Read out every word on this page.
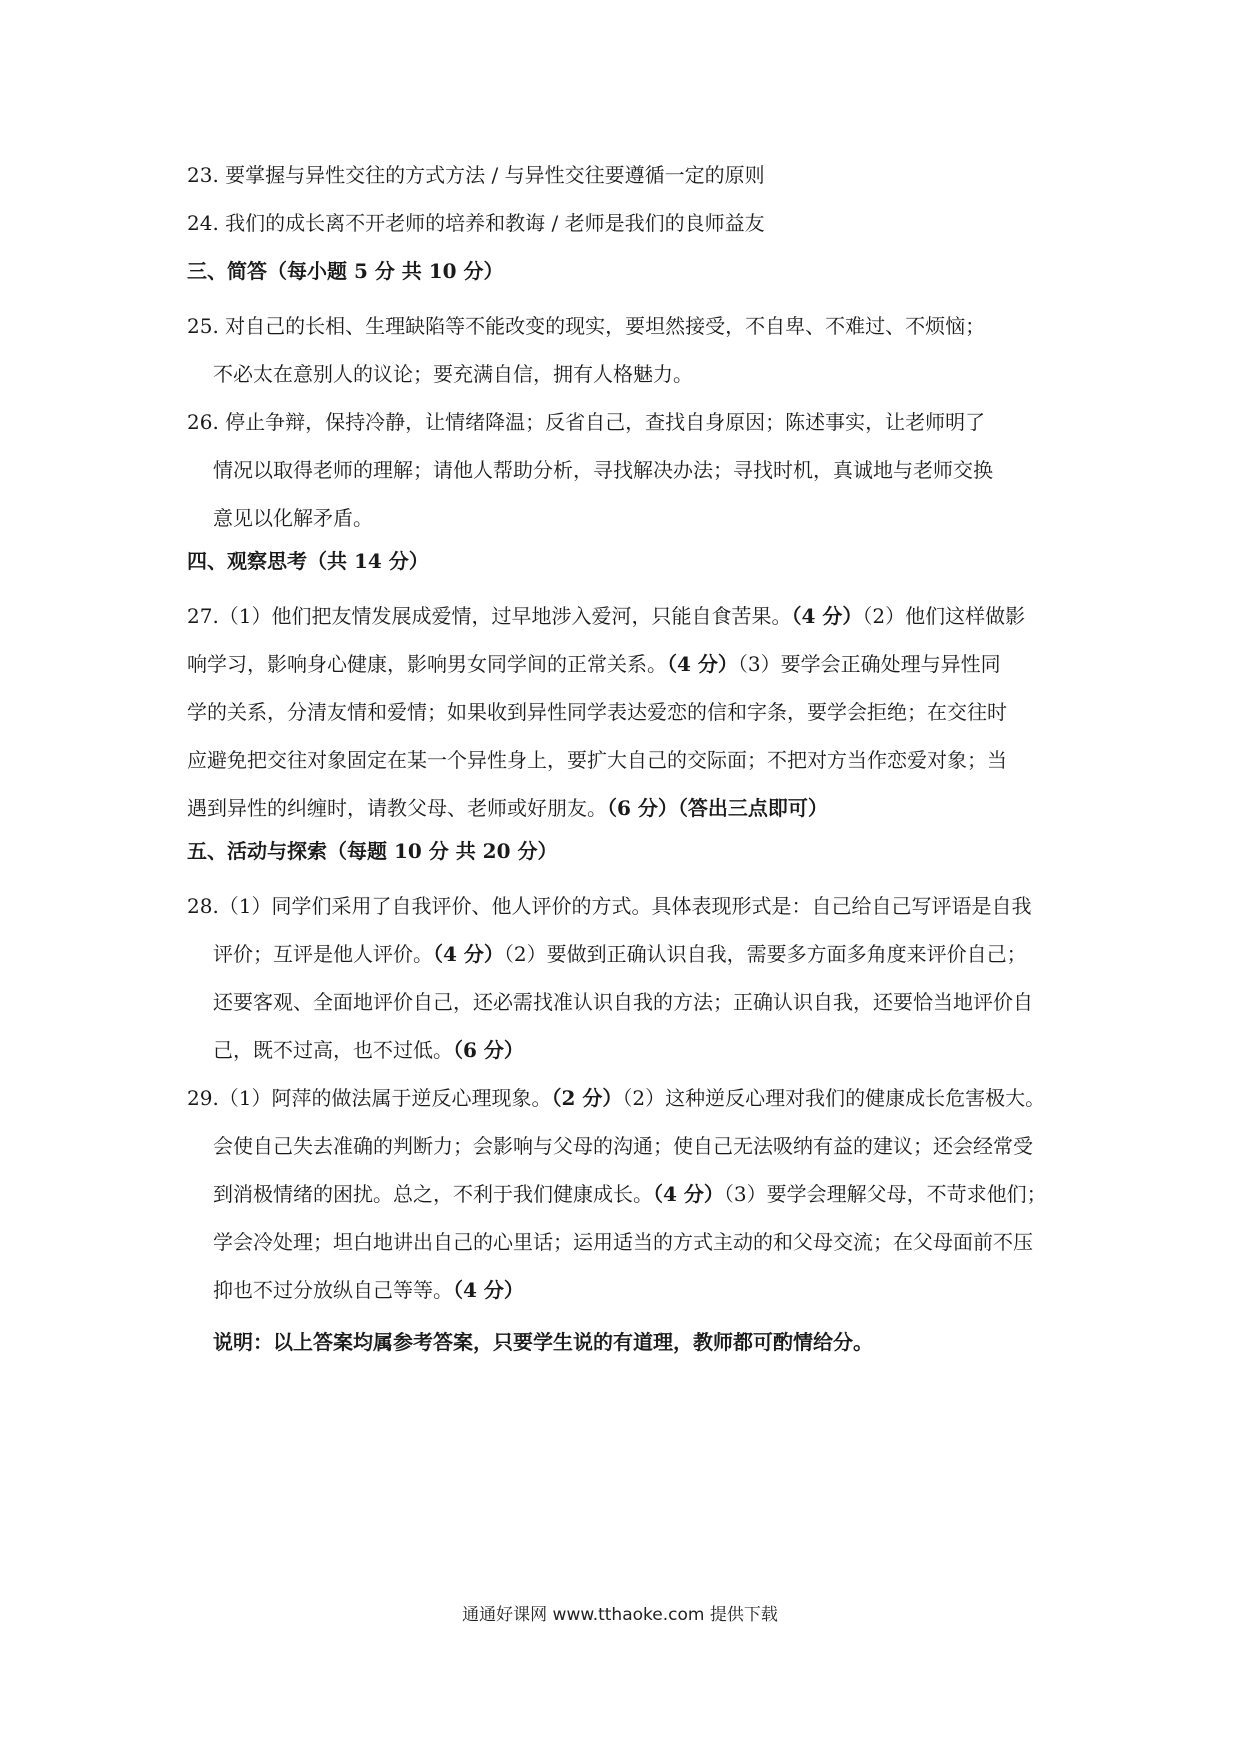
23. 要掌握与异性交往的方式方法 / 与异性交往要遵循一定的原则
24. 我们的成长离不开老师的培养和教诲 / 老师是我们的良师益友
三、简答（每小题 5 分 共 10 分）
25. 对自己的长相、生理缺陷等不能改变的现实，要坦然接受，不自卑、不难过、不烦恼；
不必太在意别人的议论；要充满自信，拥有人格魅力。
26. 停止争辩，保持冷静，让情绪降温；反省自己，查找自身原因；陈述事实，让老师明了
情况以取得老师的理解；请他人帮助分析，寻找解决办法；寻找时机，真诚地与老师交换
意见以化解矛盾。
四、观察思考（共 14 分）
27.（1）他们把友情发展成爱情，过早地涉入爱河，只能自食苦果。（4 分）（2）他们这样做影
响学习，影响身心健康，影响男女同学间的正常关系。（4 分）（3）要学会正确处理与异性同
学的关系，分清友情和爱情；如果收到异性同学表达爱恋的信和字条，要学会拒绝；在交往时
应避免把交往对象固定在某一个异性身上，要扩大自己的交际面；不把对方当作恋爱对象；当
遇到异性的纠缠时，请教父母、老师或好朋友。（6 分）（答出三点即可）
五、活动与探索（每题 10 分 共 20 分）
28.（1）同学们采用了自我评价、他人评价的方式。具体表现形式是：自己给自己写评语是自我
评价；互评是他人评价。（4 分）（2）要做到正确认识自我，需要多方面多角度来评价自己；
还要客观、全面地评价自己，还必需找准认识自我的方法；正确认识自我，还要恰当地评价自
己，既不过高，也不过低。（6 分）
29.（1）阿萍的做法属于逆反心理现象。（2 分）（2）这种逆反心理对我们的健康成长危害极大。
会使自己失去准确的判断力；会影响与父母的沟通；使自己无法吸纳有益的建议；还会经常受
到消极情绪的困扰。总之，不利于我们健康成长。（4 分）（3）要学会理解父母，不苛求他们；
学会冷处理；坦白地讲出自己的心里话；运用适当的方式主动的和父母交流；在父母面前不压
抑也不过分放纵自己等等。（4 分）
说明：以上答案均属参考答案，只要学生说的有道理，教师都可酌情给分。
通通好课网 www.tthaoke.com 提供下载
